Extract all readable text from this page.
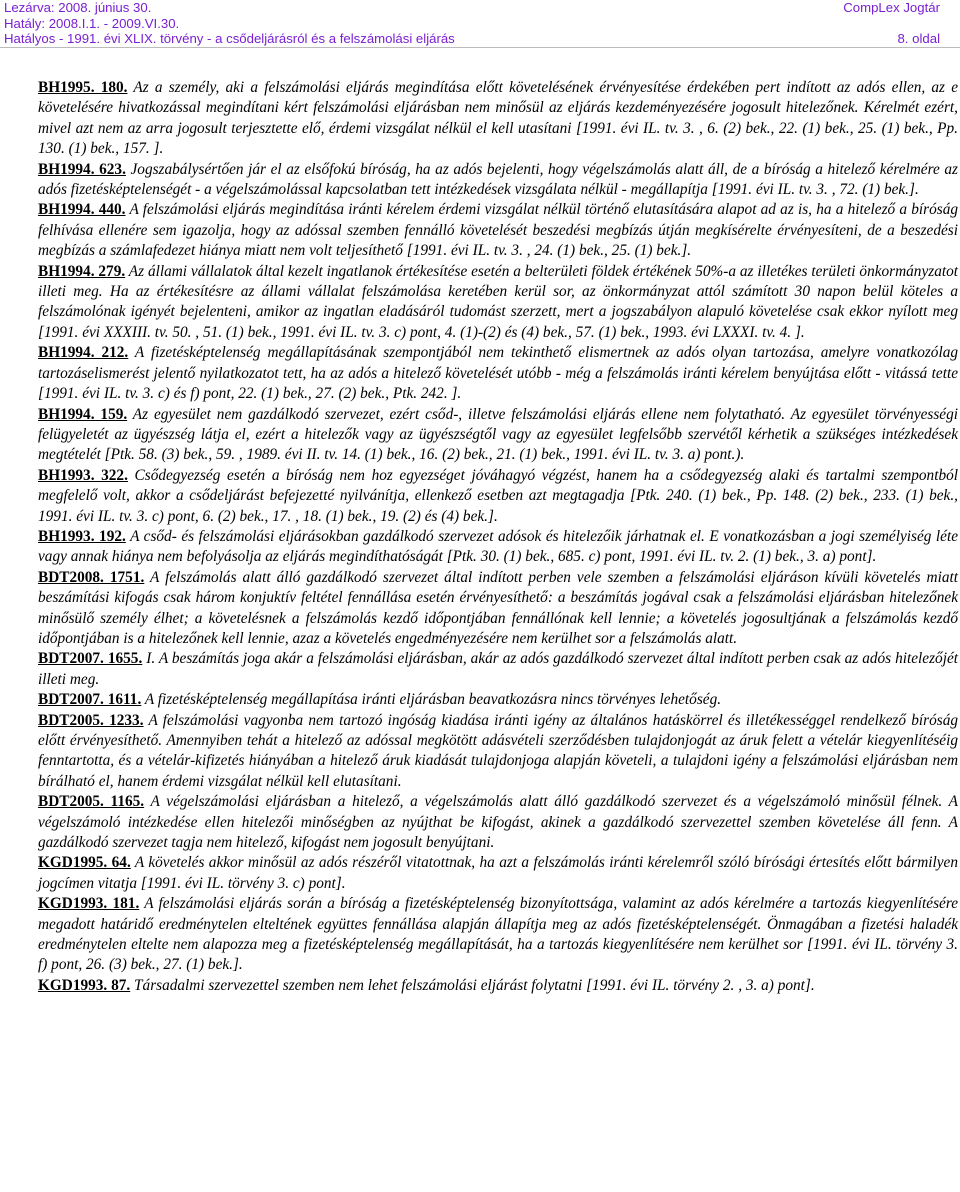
Lezárva: 2008. június 30.	CompLex Jogtár
Hatály: 2008.I.1. - 2009.VI.30.
Hatályos - 1991. évi XLIX. törvény - a csődeljárásról és a felszámolási eljárás	8. oldal

BH1995. 180. Az a személy, aki a felszámolási eljárás megindítása előtt követelésének érvényesítése érdekében pert indított az adós ellen, az e követelésére hivatkozással megindítani kért felszámolási eljárásban nem minősül az eljárás kezdeményezésére jogosult hitelezőnek. Kérelmét ezért, mivel azt nem az arra jogosult terjesztette elő, érdemi vizsgálat nélkül el kell utasítani [1991. évi IL. tv. 3. , 6. (2) bek., 22. (1) bek., 25. (1) bek., Pp. 130. (1) bek., 157. ].

BH1994. 623. Jogszabálysértően jár el az elsőfokú bíróság, ha az adós bejelenti, hogy végelszámolás alatt áll, de a bíróság a hitelező kérelmére az adós fizetésképtelenségét - a végelszámolással kapcsolatban tett intézkedések vizsgálata nélkül - megállapítja [1991. évi IL. tv. 3. , 72. (1) bek.].

BH1994. 440. A felszámolási eljárás megindítása iránti kérelem érdemi vizsgálat nélkül történő elutasítására alapot ad az is, ha a hitelező a bíróság felhívása ellenére sem igazolja, hogy az adóssal szemben fennálló követelését beszedési megbízás útján megkísérelte érvényesíteni, de a beszedési megbízás a számlafedezet hiánya miatt nem volt teljesíthető [1991. évi IL. tv. 3. , 24. (1) bek., 25. (1) bek.].

BH1994. 279. Az állami vállalatok által kezelt ingatlanok értékesítése esetén a belterületi földek értékének 50%-a az illetékes területi önkormányzatot illeti meg. Ha az értékesítésre az állami vállalat felszámolása keretében kerül sor, az önkormányzat attól számított 30 napon belül köteles a felszámolónak igényét bejelenteni, amikor az ingatlan eladásáról tudomást szerzett, mert a jogszabályon alapuló követelése csak ekkor nyílott meg [1991. évi XXXIII. tv. 50. , 51. (1) bek., 1991. évi IL. tv. 3. c) pont, 4. (1)-(2) és (4) bek., 57. (1) bek., 1993. évi LXXXI. tv. 4. ].

BH1994. 212. A fizetésképtelenség megállapításának szempontjából nem tekinthető elismertnek az adós olyan tartozása, amelyre vonatkozólag tartozáselismerést jelentő nyilatkozatot tett, ha az adós a hitelező követelését utóbb - még a felszámolás iránti kérelem benyújtása előtt - vitássá tette [1991. évi IL. tv. 3. c) és f) pont, 22. (1) bek., 27. (2) bek., Ptk. 242. ].

BH1994. 159. Az egyesület nem gazdálkodó szervezet, ezért csőd-, illetve felszámolási eljárás ellene nem folytatható. Az egyesület törvényességi felügyeletét az ügyészség látja el, ezért a hitelezők vagy az ügyészségtől vagy az egyesület legfelsőbb szervétől kérhetik a szükséges intézkedések megtételét [Ptk. 58. (3) bek., 59. , 1989. évi II. tv. 14. (1) bek., 16. (2) bek., 21. (1) bek., 1991. évi IL. tv. 3. a) pont.).

BH1993. 322. Csődegyezség esetén a bíróság nem hoz egyezséget jóváhagyó végzést, hanem ha a csődegyezség alaki és tartalmi szempontból megfelelő volt, akkor a csődeljárást befejezetté nyilvánítja, ellenkező esetben azt megtagadja [Ptk. 240. (1) bek., Pp. 148. (2) bek., 233. (1) bek., 1991. évi IL. tv. 3. c) pont, 6. (2) bek., 17. , 18. (1) bek., 19. (2) és (4) bek.].

BH1993. 192. A csőd- és felszámolási eljárásokban gazdálkodó szervezet adósok és hitelezőik járhatnak el. E vonatkozásban a jogi személyiség léte vagy annak hiánya nem befolyásolja az eljárás megindíthatóságát [Ptk. 30. (1) bek., 685. c) pont, 1991. évi IL. tv. 2. (1) bek., 3. a) pont].

BDT2008. 1751. A felszámolás alatt álló gazdálkodó szervezet által indított perben vele szemben a felszámolási eljáráson kívüli követelés miatt beszámítási kifogás csak három konjuktív feltétel fennállása esetén érvényesíthető: a beszámítás jogával csak a felszámolási eljárásban hitelezőnek minősülő személy élhet; a követelésnek a felszámolás kezdő időpontjában fennállónak kell lennie; a követelés jogosultjának a felszámolás kezdő időpontjában is a hitelezőnek kell lennie, azaz a követelés engedményezésére nem kerülhet sor a felszámolás alatt.

BDT2007. 1655. I. A beszámítás joga akár a felszámolási eljárásban, akár az adós gazdálkodó szervezet által indított perben csak az adós hitelezőjét illeti meg.

BDT2007. 1611. A fizetésképtelenség megállapítása iránti eljárásban beavatkozásra nincs törvényes lehetőség.

BDT2005. 1233. A felszámolási vagyonba nem tartozó ingóság kiadása iránti igény az általános hatáskörrel és illetékességgel rendelkező bíróság előtt érvényesíthető. Amennyiben tehát a hitelező az adóssal megkötött adásvételi szerződésben tulajdonjogát az áruk felett a vételár kiegyenlítéséig fenntartotta, és a vételár-kifizetés hiányában a hitelező áruk kiadását tulajdonjoga alapján követeli, a tulajdoni igény a felszámolási eljárásban nem bírálható el, hanem érdemi vizsgálat nélkül kell elutasítani.

BDT2005. 1165. A végelszámolási eljárásban a hitelező, a végelszámolás alatt álló gazdálkodó szervezet és a végelszámoló minősül félnek. A végelszámoló intézkedése ellen hitelezői minőségben az nyújthat be kifogást, akinek a gazdálkodó szervezettel szemben követelése áll fenn. A gazdálkodó szervezet tagja nem hitelező, kifogást nem jogosult benyújtani.

KGD1995. 64. A követelés akkor minősül az adós részéről vitatottnak, ha azt a felszámolás iránti kérelemről szóló bírósági értesítés előtt bármilyen jogcímen vitatja [1991. évi IL. törvény 3. c) pont].

KGD1993. 181. A felszámolási eljárás során a bíróság a fizetésképtelenség bizonyítottsága, valamint az adós kérelmére a tartozás kiegyenlítésére megadott határidő eredménytelen elteltének együttes fennállása alapján állapítja meg az adós fizetésképtelenségét. Önmagában a fizetési haladék eredménytelen eltelte nem alapozza meg a fizetésképtelenség megállapítását, ha a tartozás kiegyenlítésére nem kerülhet sor [1991. évi IL. törvény 3. f) pont, 26. (3) bek., 27. (1) bek.].

KGD1993. 87. Társadalmi szervezettel szemben nem lehet felszámolási eljárást folytatni [1991. évi IL. törvény 2. , 3. a) pont].
